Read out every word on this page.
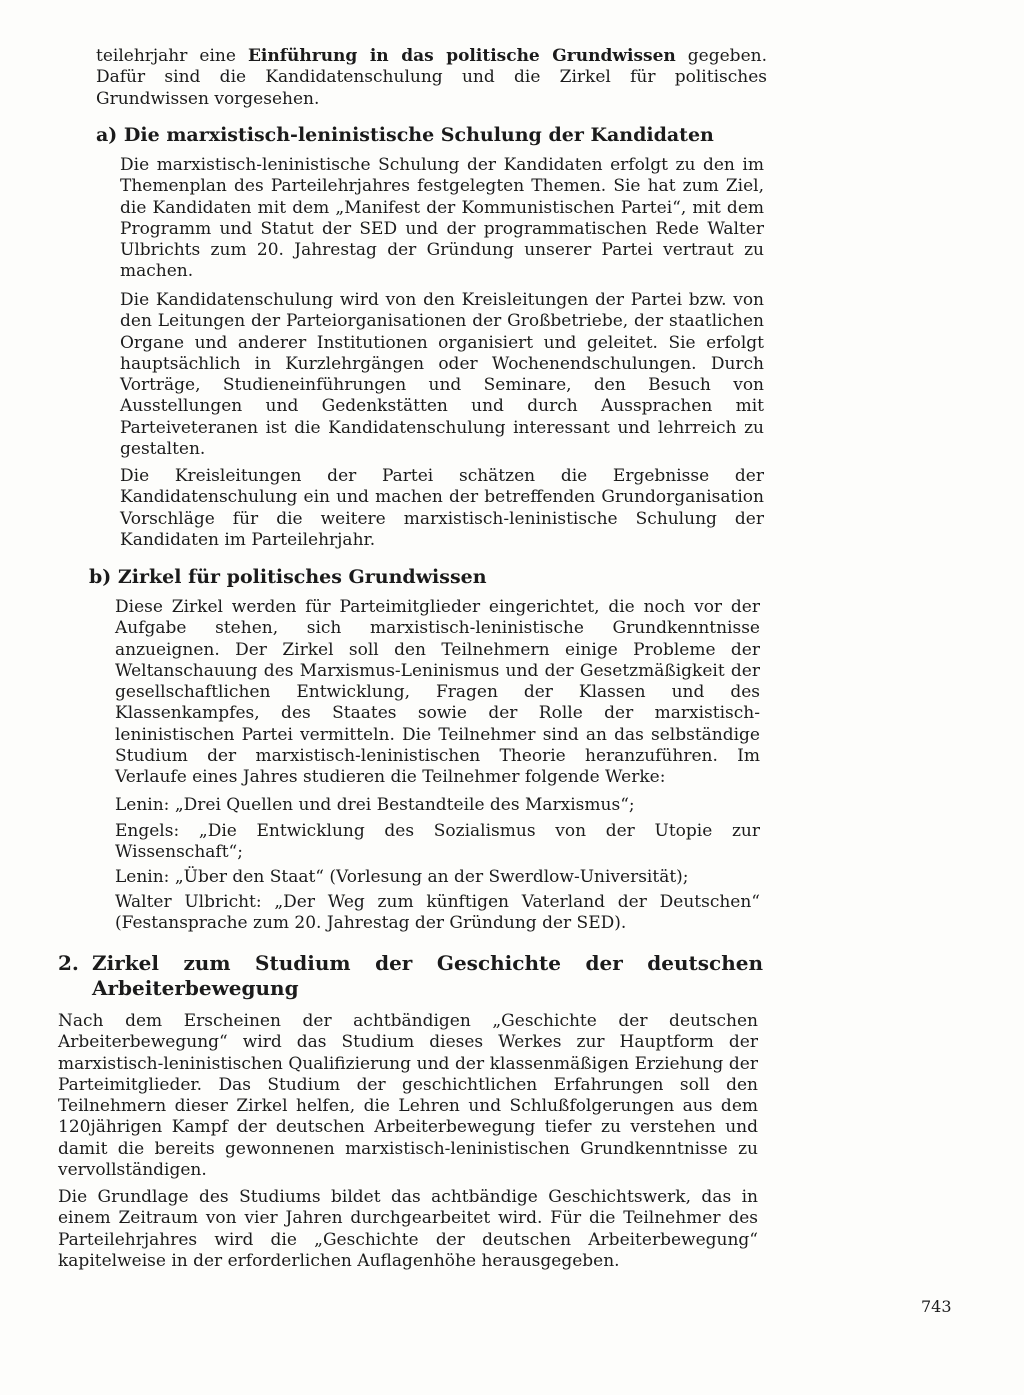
teilehrjahr eine Einführung in das politische Grundwissen gegeben. Dafür sind die Kandidatenschulung und die Zirkel für politisches Grundwissen vorgesehen.

a) Die marxistisch-leninistische Schulung der Kandidaten

Die marxistisch-leninistische Schulung der Kandidaten erfolgt zu den im Themenplan des Parteilehrjahres festgelegten Themen. Sie hat zum Ziel, die Kandidaten mit dem „Manifest der Kommunistischen Partei“, mit dem Programm und Statut der SED und der programmatischen Rede Walter Ulbrichts zum 20. Jahrestag der Gründung unserer Partei vertraut zu machen.

Die Kandidatenschulung wird von den Kreisleitungen der Partei bzw. von den Leitungen der Parteiorganisationen der Großbetriebe, der staatlichen Organe und anderer Institutionen organisiert und geleitet. Sie erfolgt hauptsächlich in Kurzlehrgängen oder Wochenendschulungen. Durch Vorträge, Studieneinführungen und Seminare, den Besuch von Ausstellungen und Gedenkstätten und durch Aussprachen mit Parteiveteranen ist die Kandidatenschulung interessant und lehrreich zu gestalten.

Die Kreisleitungen der Partei schätzen die Ergebnisse der Kandidatenschulung ein und machen der betreffenden Grundorganisation Vorschläge für die weitere marxistisch-leninistische Schulung der Kandidaten im Parteilehrjahr.

b) Zirkel für politisches Grundwissen

Diese Zirkel werden für Parteimitglieder eingerichtet, die noch vor der Aufgabe stehen, sich marxistisch-leninistische Grundkenntnisse anzueignen. Der Zirkel soll den Teilnehmern einige Probleme der Weltanschauung des Marxismus-Leninismus und der Gesetzmäßigkeit der gesellschaftlichen Entwicklung, Fragen der Klassen und des Klassenkampfes, des Staates sowie der Rolle der marxistisch-leninistischen Partei vermitteln. Die Teilnehmer sind an das selbständige Studium der marxistisch-leninistischen Theorie heranzuführen. Im Verlaufe eines Jahres studieren die Teilnehmer folgende Werke:

Lenin: „Drei Quellen und drei Bestandteile des Marxismus“;

Engels: „Die Entwicklung des Sozialismus von der Utopie zur Wissenschaft“;

Lenin: „Über den Staat“ (Vorlesung an der Swerdlow-Universität);

Walter Ulbricht: „Der Weg zum künftigen Vaterland der Deutschen“ (Festansprache zum 20. Jahrestag der Gründung der SED).

2. Zirkel zum Studium der Geschichte der deutschen Arbeiterbewegung

Nach dem Erscheinen der achtbändigen „Geschichte der deutschen Arbeiterbewegung“ wird das Studium dieses Werkes zur Hauptform der marxistisch-leninistischen Qualifizierung und der klassenmäßigen Erziehung der Parteimitglieder. Das Studium der geschichtlichen Erfahrungen soll den Teilnehmern dieser Zirkel helfen, die Lehren und Schlußfolgerungen aus dem 120jährigen Kampf der deutschen Arbeiterbewegung tiefer zu verstehen und damit die bereits gewonnenen marxistisch-leninistischen Grundkenntnisse zu vervollständigen.

Die Grundlage des Studiums bildet das achtbändige Geschichtswerk, das in einem Zeitraum von vier Jahren durchgearbeitet wird. Für die Teilnehmer des Parteilehrjahres wird die „Geschichte der deutschen Arbeiterbewegung“ kapitelweise in der erforderlichen Auflagenhöhe herausgegeben.

743
